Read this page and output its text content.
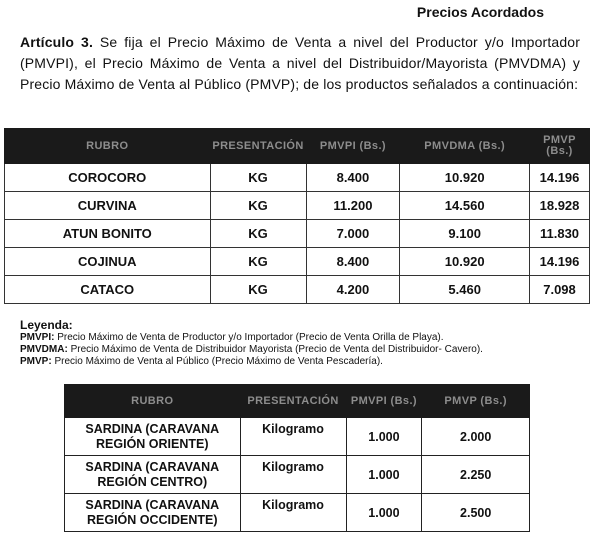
Precios Acordados
Artículo 3. Se fija el Precio Máximo de Venta a nivel del Productor y/o Importador (PMVPI), el Precio Máximo de Venta a nivel del Distribuidor/Mayorista (PMVDMA) y Precio Máximo de Venta al Público (PMVP); de los productos señalados a continuación:
RUBRO	PRESENTACIÓN	PMVPI (Bs.)	PMVDMA (Bs.)	PMVP (Bs.)
COROCORO	KG	8.400	10.920	14.196
CURVINA	KG	11.200	14.560	18.928
ATUN BONITO	KG	7.000	9.100	11.830
COJINUA	KG	8.400	10.920	14.196
CATACO	KG	4.200	5.460	7.098
Leyenda:
PMVPI: Precio Máximo de Venta de Productor y/o Importador (Precio de Venta Orilla de Playa).
PMVDMA: Precio Máximo de Venta de Distribuidor Mayorista (Precio de Venta del Distribuidor- Cavero).
PMVP: Precio Máximo de Venta al Público (Precio Máximo de Venta Pescadería).
RUBRO	PRESENTACIÓN	PMVPI (Bs.)	PMVP (Bs.)
SARDINA (CARAVANA REGIÓN ORIENTE)	Kilogramo	1.000	2.000
SARDINA (CARAVANA REGIÓN CENTRO)	Kilogramo	1.000	2.250
SARDINA (CARAVANA REGIÓN OCCIDENTE)	Kilogramo	1.000	2.500
